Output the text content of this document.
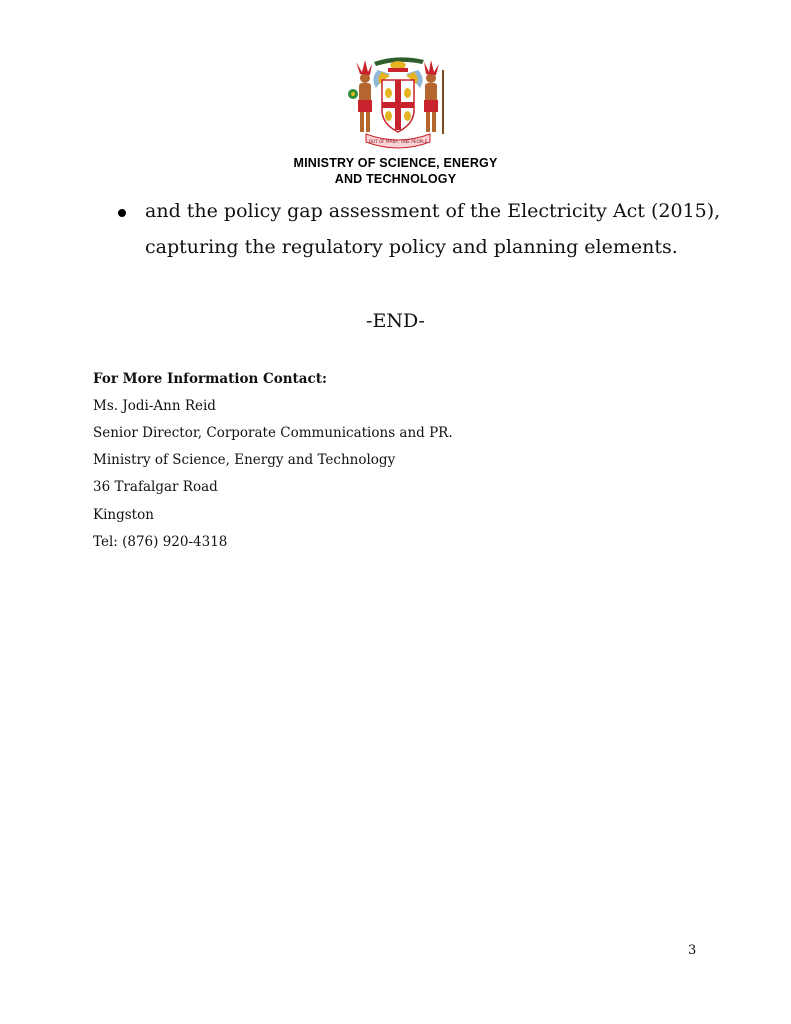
OUT OF MANY, ONE PEOPLE
MINISTRY OF SCIENCE, ENERGY
AND TECHNOLOGY
and the policy gap assessment of the Electricity Act (2015),
capturing the regulatory policy and planning elements.
-END-
For More Information Contact:
Ms. Jodi-Ann Reid
Senior Director, Corporate Communications and PR.
Ministry of Science, Energy and Technology
36 Trafalgar Road
Kingston
Tel: (876) 920-4318
3
